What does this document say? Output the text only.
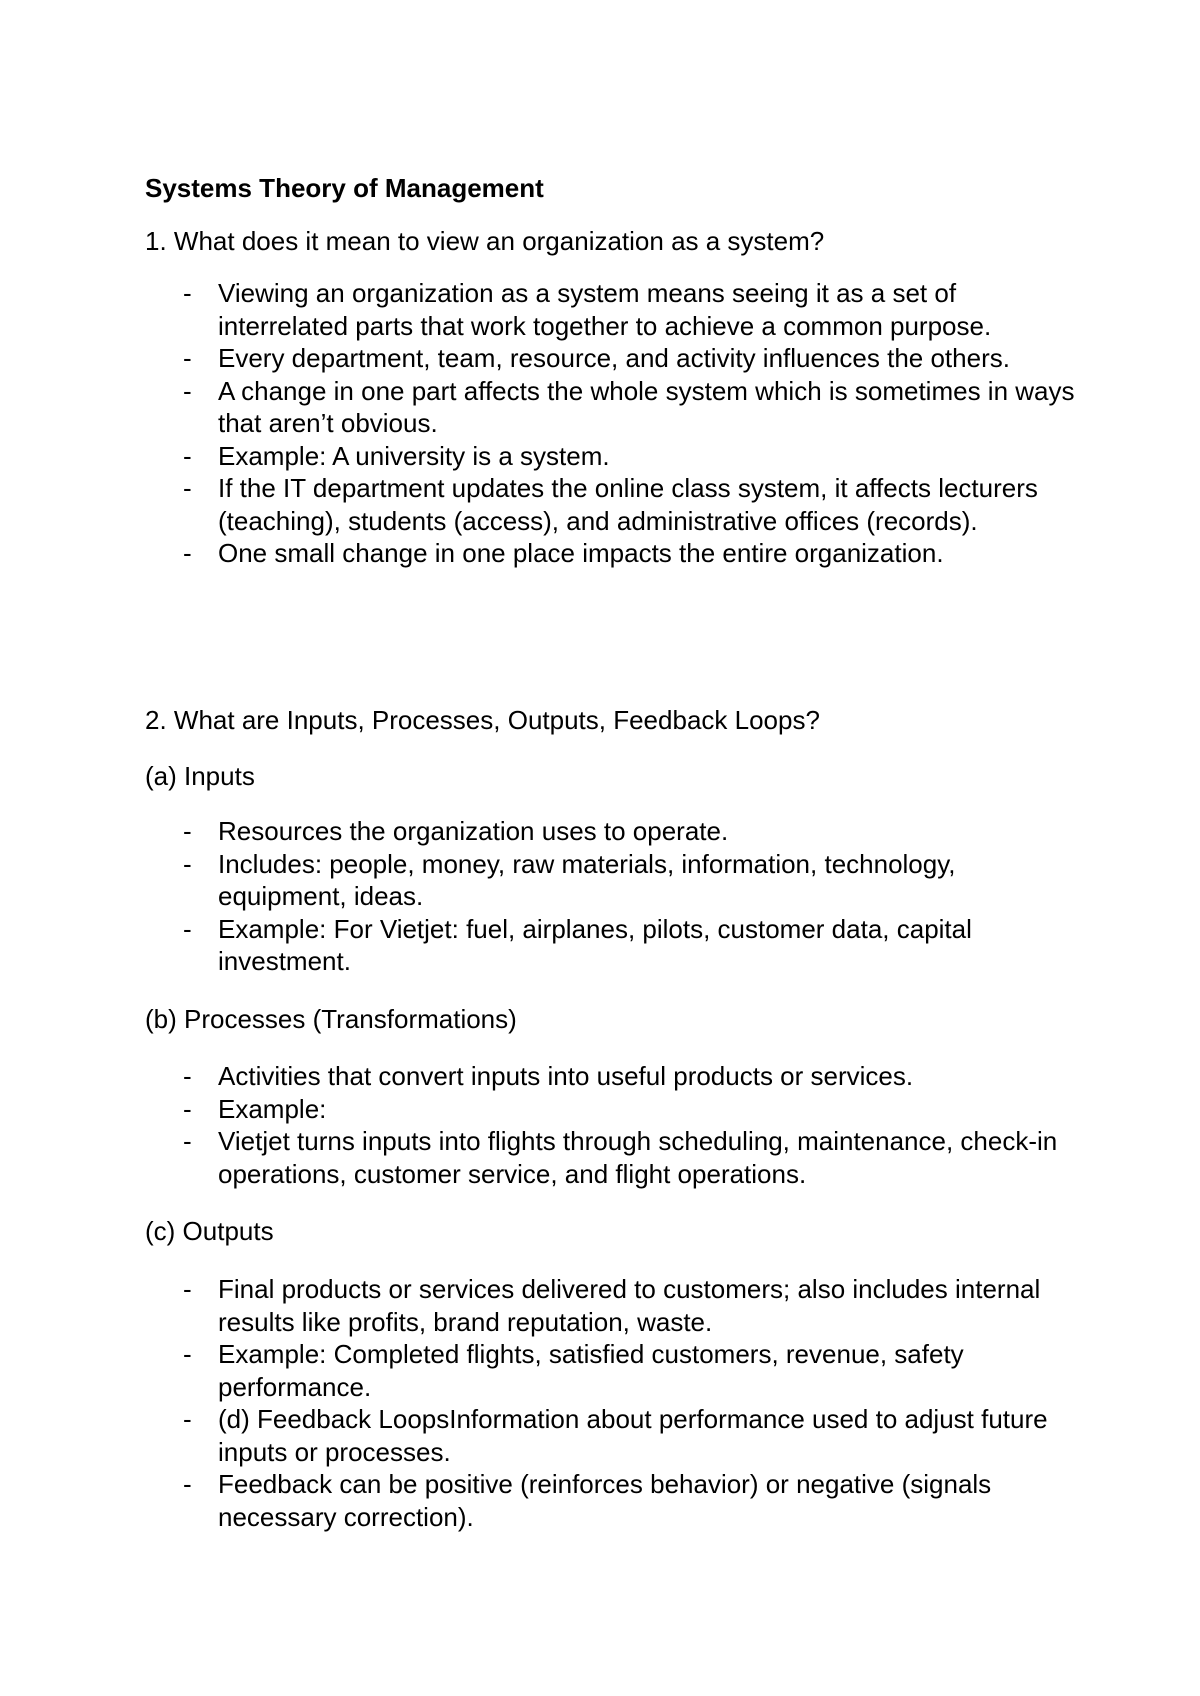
Systems Theory of Management

1. What does it mean to view an organization as a system?

- Viewing an organization as a system means seeing it as a set of interrelated parts that work together to achieve a common purpose.
- Every department, team, resource, and activity influences the others.
- A change in one part affects the whole system which is sometimes in ways that aren’t obvious.
- Example: A university is a system.
- If the IT department updates the online class system, it affects lecturers (teaching), students (access), and administrative offices (records).
- One small change in one place impacts the entire organization.

2. What are Inputs, Processes, Outputs, Feedback Loops?

(a) Inputs

- Resources the organization uses to operate.
- Includes: people, money, raw materials, information, technology, equipment, ideas.
- Example: For Vietjet: fuel, airplanes, pilots, customer data, capital investment.

(b) Processes (Transformations)

- Activities that convert inputs into useful products or services.
- Example:
- Vietjet turns inputs into flights through scheduling, maintenance, check-in operations, customer service, and flight operations.

(c) Outputs

- Final products or services delivered to customers; also includes internal results like profits, brand reputation, waste.
- Example: Completed flights, satisfied customers, revenue, safety performance.
- (d) Feedback LoopsInformation about performance used to adjust future inputs or processes.
- Feedback can be positive (reinforces behavior) or negative (signals necessary correction).
